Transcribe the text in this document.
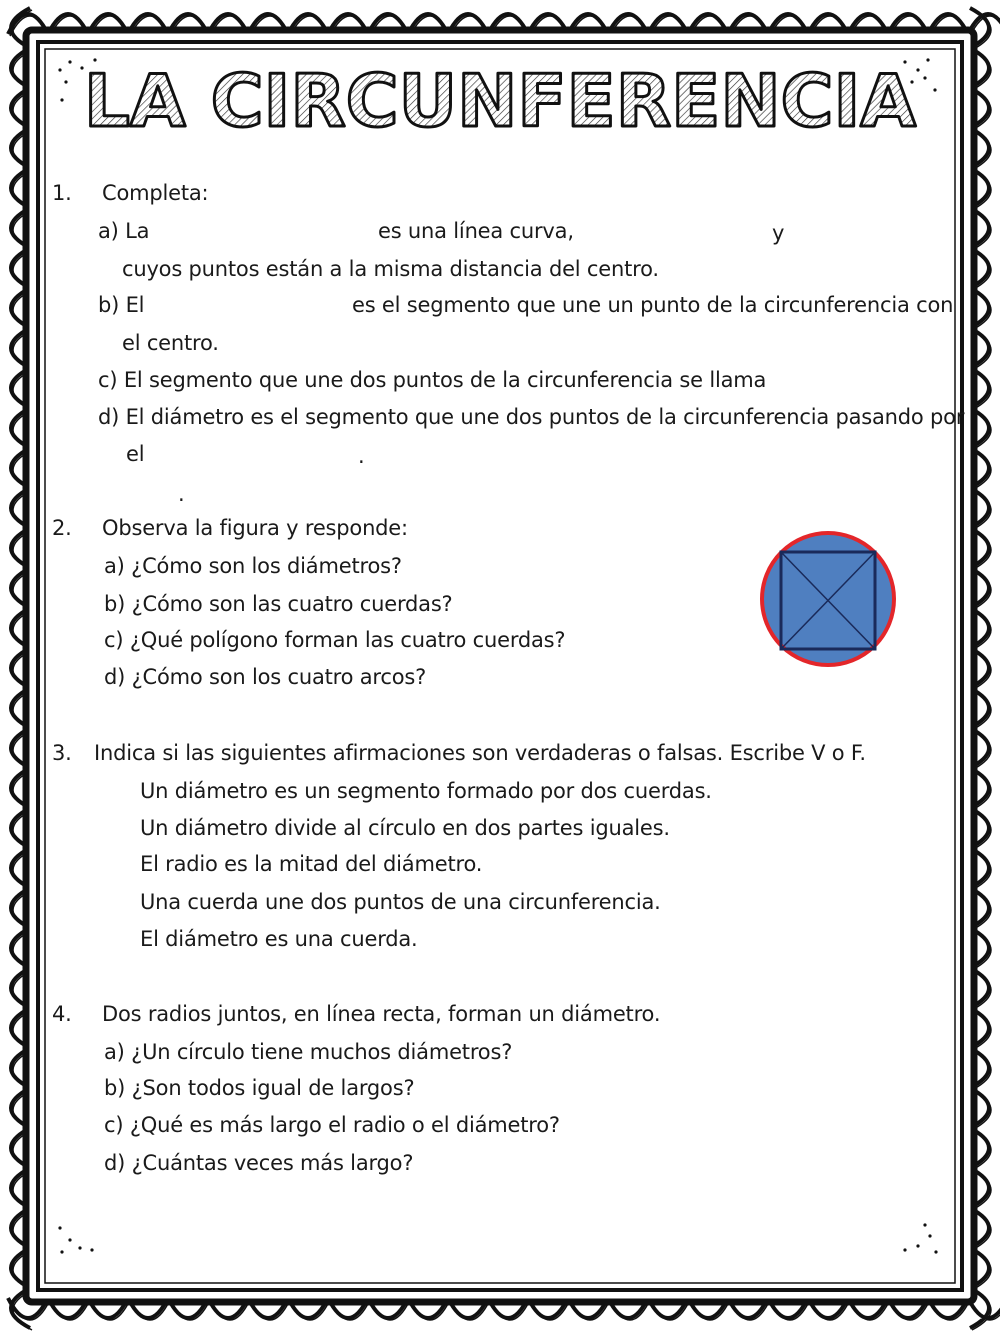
LA CIRCUNFERENCIA
1. Completa:
a) La	es una línea curva,	y
cuyos puntos están a la misma distancia del centro.
b) El	es el segmento que une un punto de la circunferencia con
el centro.
c) El segmento que une dos puntos de la circunferencia se llama
d) El diámetro es el segmento que une dos puntos de la circunferencia pasando por
el	.
.
2. Observa la figura y responde:
a) ¿Cómo son los diámetros?
b) ¿Cómo son las cuatro cuerdas?
c) ¿Qué polígono forman las cuatro cuerdas?
d) ¿Cómo son los cuatro arcos?
3. Indica si las siguientes afirmaciones son verdaderas o falsas. Escribe V o F.
Un diámetro es un segmento formado por dos cuerdas.
Un diámetro divide al círculo en dos partes iguales.
El radio es la mitad del diámetro.
Una cuerda une dos puntos de una circunferencia.
El diámetro es una cuerda.
4. Dos radios juntos, en línea recta, forman un diámetro.
a) ¿Un círculo tiene muchos diámetros?
b) ¿Son todos igual de largos?
c) ¿Qué es más largo el radio o el diámetro?
d) ¿Cuántas veces más largo?
